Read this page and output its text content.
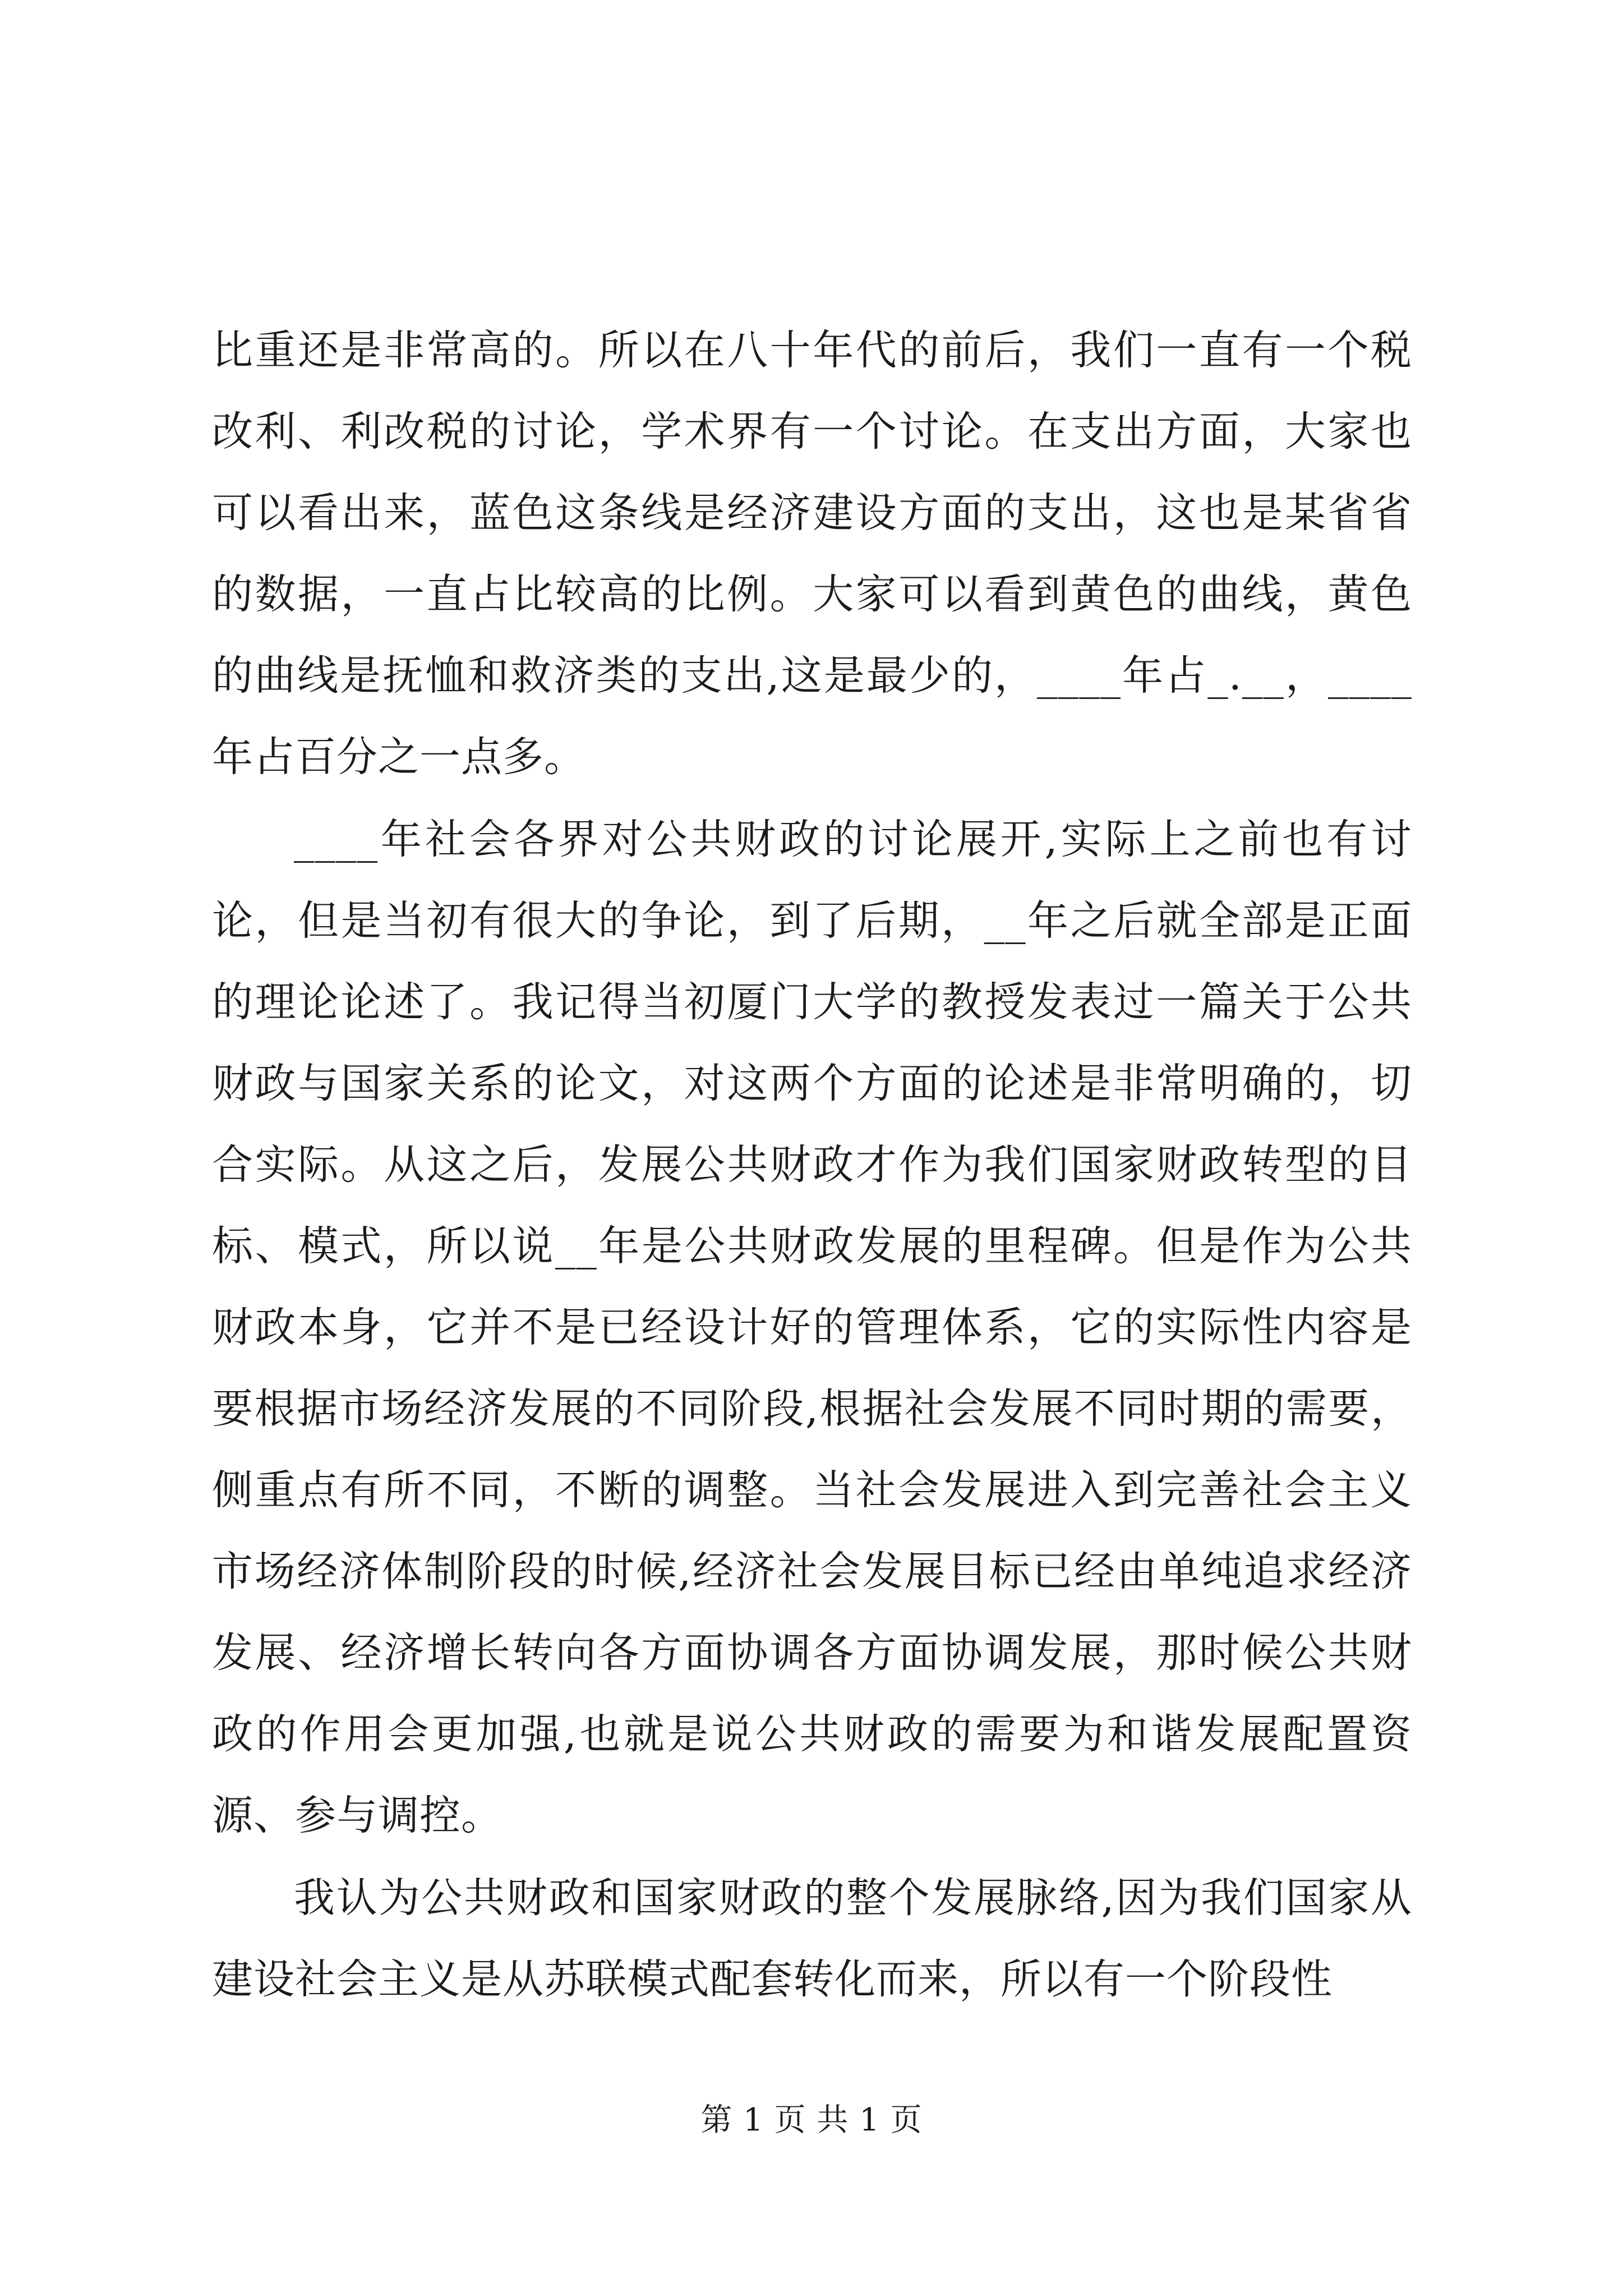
比重还是非常高的。所以在八十年代的前后，我们一直有一个税改利、利改税的讨论，学术界有一个讨论。在支出方面，大家也可以看出来，蓝色这条线是经济建设方面的支出，这也是某省省的数据，一直占比较高的比例。大家可以看到黄色的曲线，黄色的曲线是抚恤和救济类的支出,这是最少的，____年占_.__，____年占百分之一点多。

____年社会各界对公共财政的讨论展开,实际上之前也有讨论，但是当初有很大的争论，到了后期，__年之后就全部是正面的理论论述了。我记得当初厦门大学的教授发表过一篇关于公共财政与国家关系的论文，对这两个方面的论述是非常明确的，切合实际。从这之后，发展公共财政才作为我们国家财政转型的目标、模式，所以说__年是公共财政发展的里程碑。但是作为公共财政本身，它并不是已经设计好的管理体系，它的实际性内容是要根据市场经济发展的不同阶段,根据社会发展不同时期的需要，侧重点有所不同，不断的调整。当社会发展进入到完善社会主义市场经济体制阶段的时候,经济社会发展目标已经由单纯追求经济发展、经济增长转向各方面协调各方面协调发展，那时候公共财政的作用会更加强,也就是说公共财政的需要为和谐发展配置资源、参与调控。

我认为公共财政和国家财政的整个发展脉络,因为我们国家从建设社会主义是从苏联模式配套转化而来，所以有一个阶段性

第 1 页 共 1 页
